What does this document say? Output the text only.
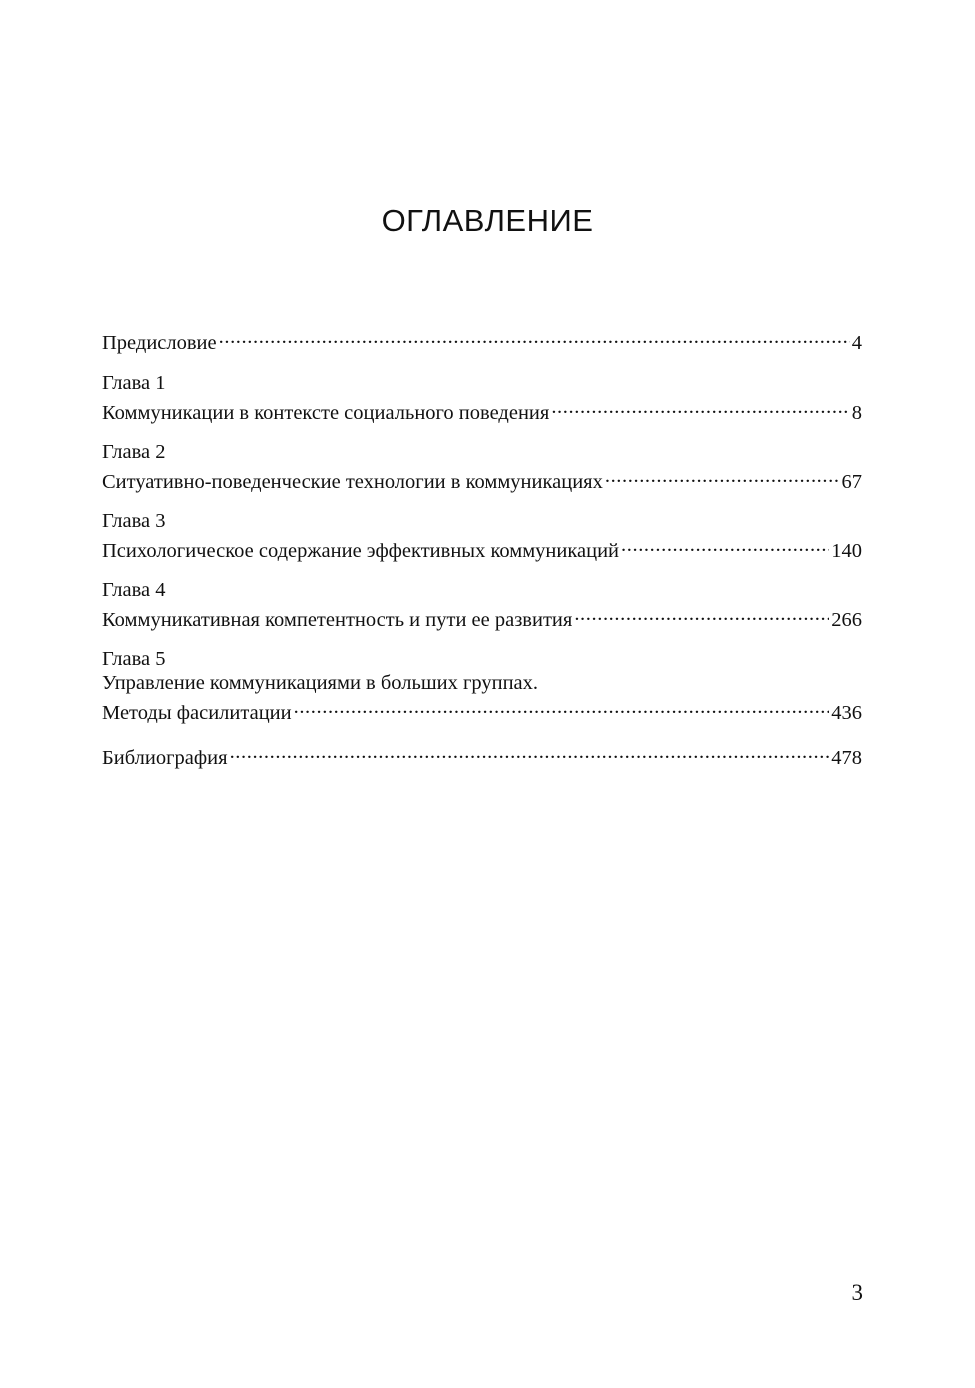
ОГЛАВЛЕНИЕ
Предисловие .....	4
Глава 1
Коммуникации в контексте социального поведения .....	8
Глава 2
Ситуативно-поведенческие технологии в коммуникациях .....	67
Глава 3
Психологическое содержание эффективных коммуникаций .....	140
Глава 4
Коммуникативная компетентность и пути ее развития .....	266
Глава 5
Управление коммуникациями в больших группах.
Методы фасилитации .....	436
Библиография .....	478
3
